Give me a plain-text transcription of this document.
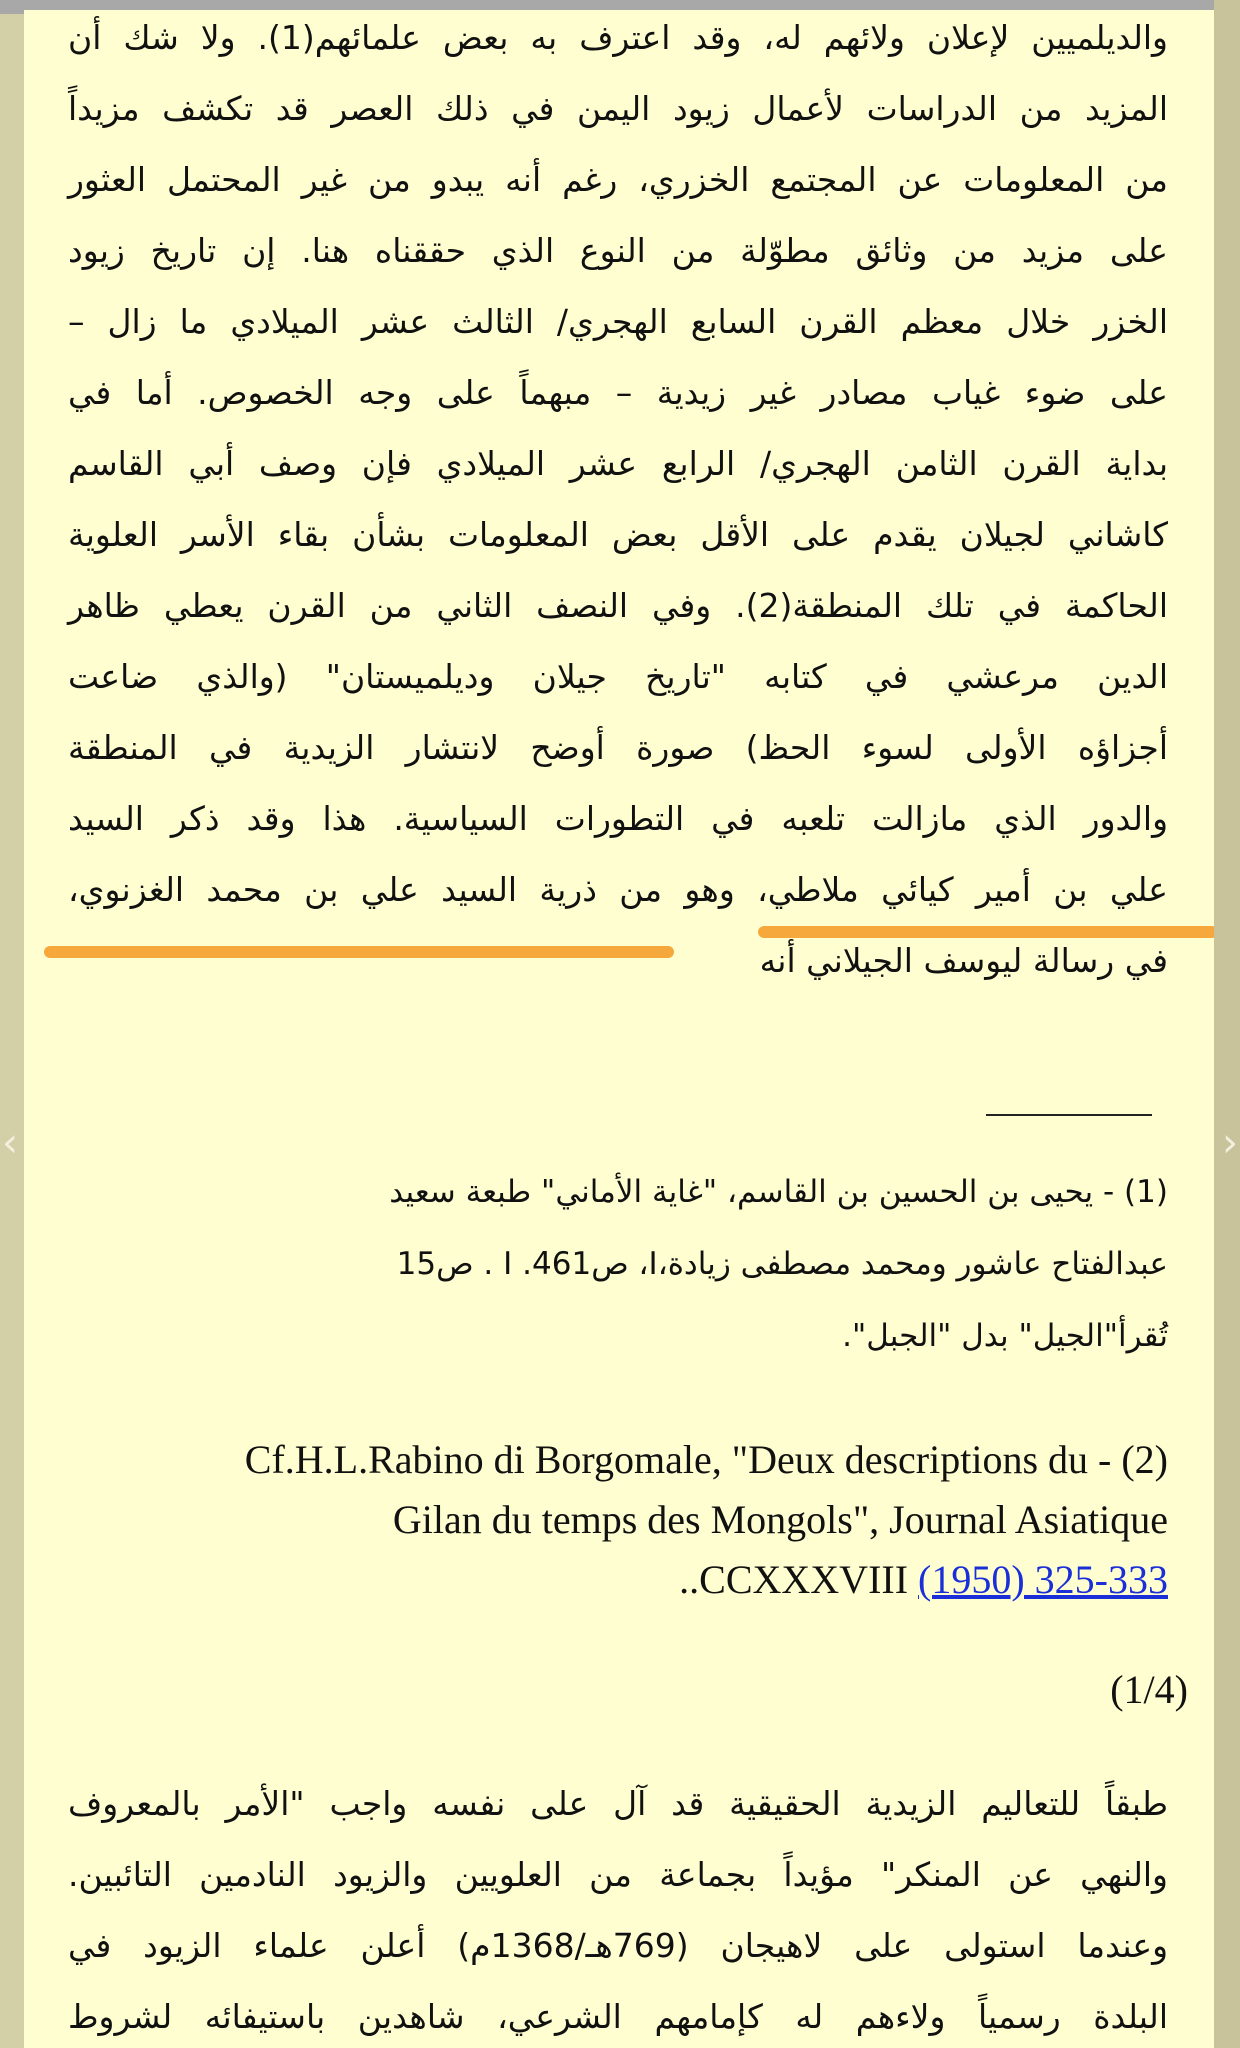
والديلميين لإعلان ولائهم له، وقد اعترف به بعض علمائهم(1). ولا شك أن
المزيد من الدراسات لأعمال زيود اليمن في ذلك العصر قد تكشف مزيداً
من المعلومات عن المجتمع الخزري، رغم أنه يبدو من غير المحتمل العثور
على مزيد من وثائق مطوّلة من النوع الذي حققناه هنا. إن تاريخ زيود
الخزر خلال معظم القرن السابع الهجري/ الثالث عشر الميلادي ما زال –
على ضوء غياب مصادر غير زيدية – مبهماً على وجه الخصوص. أما في
بداية القرن الثامن الهجري/ الرابع عشر الميلادي فإن وصف أبي القاسم
كاشاني لجيلان يقدم على الأقل بعض المعلومات بشأن بقاء الأسر العلوية
الحاكمة في تلك المنطقة(2). وفي النصف الثاني من القرن يعطي ظاهر
الدين مرعشي في كتابه "تاريخ جيلان وديلميستان" (والذي ضاعت
أجزاؤه الأولى لسوء الحظ) صورة أوضح لانتشار الزيدية في المنطقة
والدور الذي مازالت تلعبه في التطورات السياسية. هذا وقد ذكر السيد
علي بن أمير كيائي ملاطي، وهو من ذرية السيد علي بن محمد الغزنوي،
في رسالة ليوسف الجيلاني أنه
(1) - يحيى بن الحسين بن القاسم، "غاية الأماني" طبعة سعيد
عبدالفتاح عاشور ومحمد مصطفى زيادة،I، ص461. I . ص15
تُقرأ"الجيل" بدل "الجبل".
Cf.H.L.Rabino di Borgomale, "Deux descriptions du - (2)
Gilan du temps des Mongols", Journal Asiatique
..CCXXXVIII (1950) 325-333
(1/4)
طبقاً للتعاليم الزيدية الحقيقية قد آل على نفسه واجب "الأمر بالمعروف
والنهي عن المنكر" مؤيداً بجماعة من العلويين والزيود النادمين التائبين.
وعندما استولى على لاهيجان (769هـ/1368م) أعلن علماء الزيود في
البلدة رسمياً ولاءهم له كإمامهم الشرعي، شاهدين باستيفائه لشروط
‹	›
